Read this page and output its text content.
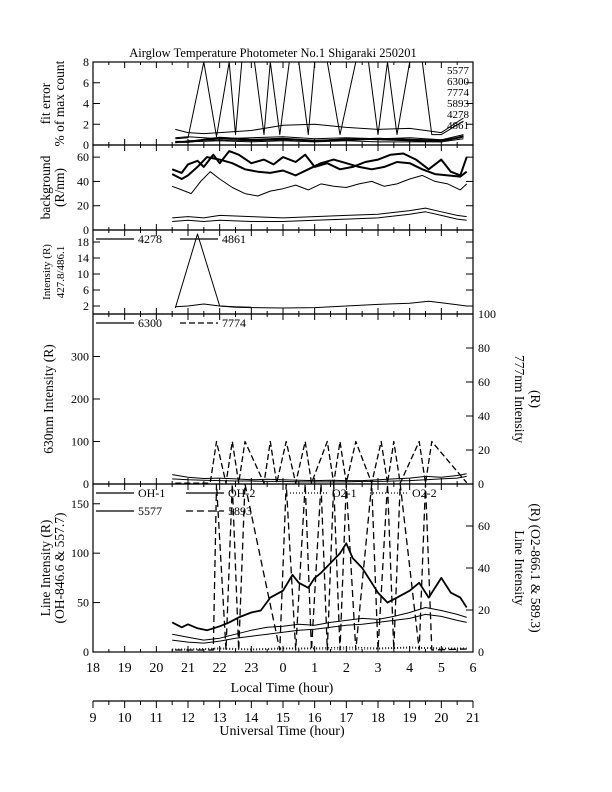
Airglow Temperature Photometer No.1 Shigaraki 250201
Local Time (hour)
Universal Time (hour)
0
2
4
6
8
fit error % of max count	5577
6300
7774
5893
4278
4861
0
20
40
60
background (R/nm)
2
6
10
14
18
Intensity (R) 427.8/486.1
4278	4861
0
100
200
300
630nm Intensity (R)
0
20
40
60
80
100
777nm Intensity (R)
6300	7774
0
50
100
150
Line Intensity (R) (OH-846.6 & 557.7)
0
20
40
60
Line Intensity (R) (O2-866.1 & 589.3)
OH-1	OH-2	O2-1	O2-2
5577	5893
18 19 20 21 22 23 0 1 2 3 4 5 6
9 10 11 12 13 14 15 16 17 18 19 20 21
